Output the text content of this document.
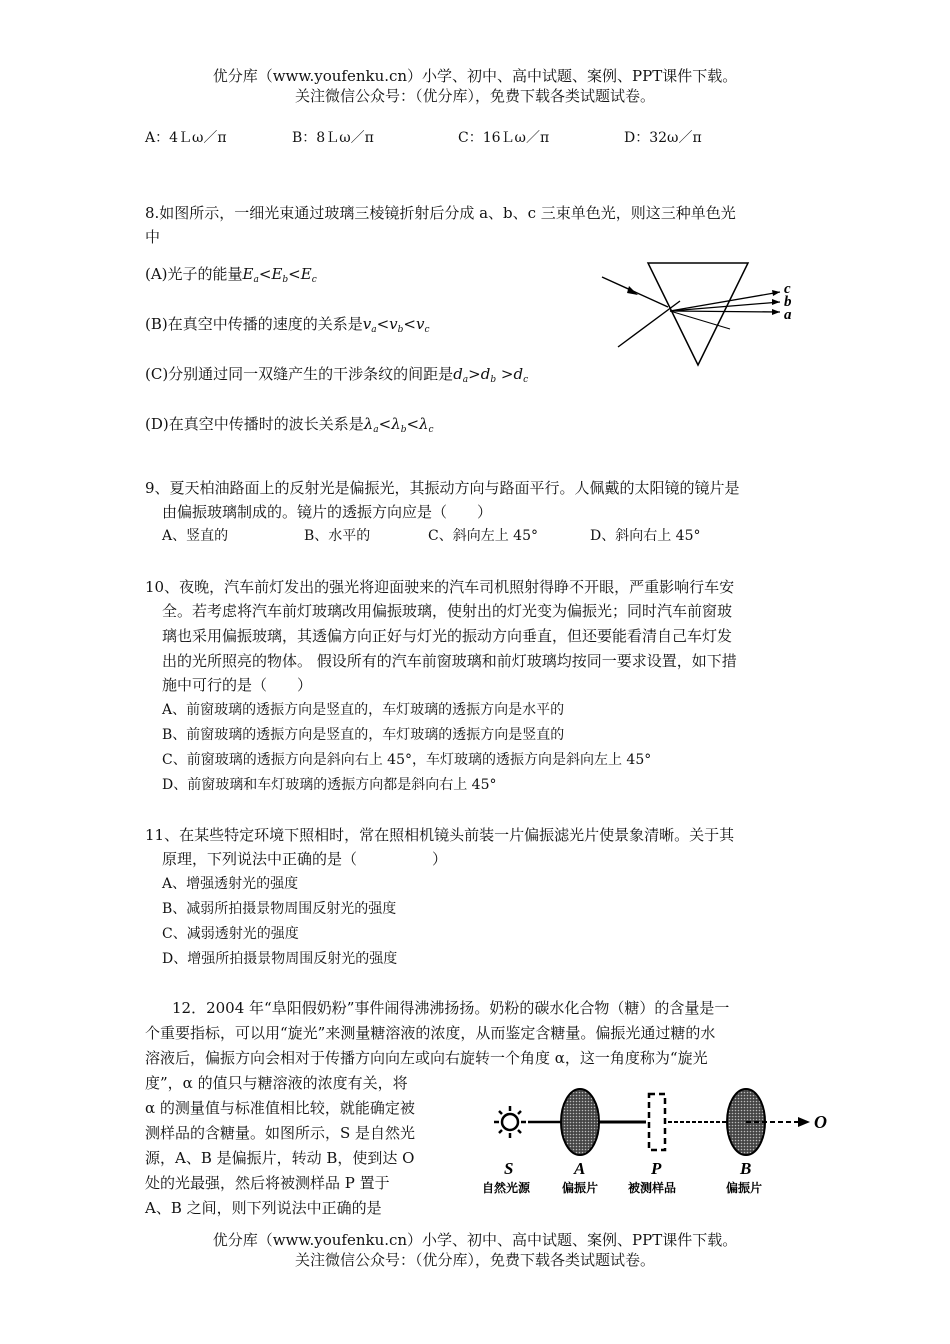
优分库（www.youfenku.cn）小学、初中、高中试题、案例、PPT课件下载。
关注微信公众号：（优分库），免费下载各类试题试卷。
A：4Ｌω／π	B：8Ｌω／π	C：16Ｌω／π	D：32ω／π
8.如图所示，一细光束通过玻璃三棱镜折射后分成 a、b、c 三束单色光，则这三种单色光
中
(A)光子的能量$E_a<E_b<E_c$
(B)在真空中传播的速度的关系是$v_a<v_b<v_c$
(C)分别通过同一双缝产生的干涉条纹的间距是$d_a>d_b >d_c$
(D)在真空中传播时的波长关系是$\lambda_a<\lambda_b<\lambda_c$
c
b
a
9、夏天柏油路面上的反射光是偏振光，其振动方向与路面平行。人佩戴的太阳镜的镜片是
由偏振玻璃制成的。镜片的透振方向应是（　　）
A、竖直的	B、水平的	C、斜向左上 45°	D、斜向右上 45°
10、夜晚，汽车前灯发出的强光将迎面驶来的汽车司机照射得睁不开眼，严重影响行车安
全。若考虑将汽车前灯玻璃改用偏振玻璃，使射出的灯光变为偏振光；同时汽车前窗玻
璃也采用偏振玻璃，其透偏方向正好与灯光的振动方向垂直，但还要能看清自己车灯发
出的光所照亮的物体。 假设所有的汽车前窗玻璃和前灯玻璃均按同一要求设置，如下措
施中可行的是（　　）
A、前窗玻璃的透振方向是竖直的，车灯玻璃的透振方向是水平的
B、前窗玻璃的透振方向是竖直的，车灯玻璃的透振方向是竖直的
C、前窗玻璃的透振方向是斜向右上 45°，车灯玻璃的透振方向是斜向左上 45°
D、前窗玻璃和车灯玻璃的透振方向都是斜向右上 45°
11、在某些特定环境下照相时，常在照相机镜头前装一片偏振滤光片使景象清晰。关于其
原理，下列说法中正确的是（　　　　　）
A、增强透射光的强度
B、减弱所拍摄景物周围反射光的强度
C、减弱透射光的强度
D、增强所拍摄景物周围反射光的强度
12．2004 年“阜阳假奶粉”事件闹得沸沸扬扬。奶粉的碳水化合物（糖）的含量是一
个重要指标，可以用“旋光”来测量糖溶液的浓度，从而鉴定含糖量。偏振光通过糖的水
溶液后，偏振方向会相对于传播方向向左或向右旋转一个角度 α，这一角度称为“旋光
度”，α 的值只与糖溶液的浓度有关，将
α 的测量值与标准值相比较，就能确定被
测样品的含糖量。如图所示，S 是自然光
源，A、B 是偏振片，转动 B，使到达 O
处的光最强，然后将被测样品 P 置于
A、B 之间，则下列说法中正确的是
S	A	P	B
O
自然光源	偏振片 被测样品	偏振片
优分库（www.youfenku.cn）小学、初中、高中试题、案例、PPT课件下载。
关注微信公众号：（优分库），免费下载各类试题试卷。
